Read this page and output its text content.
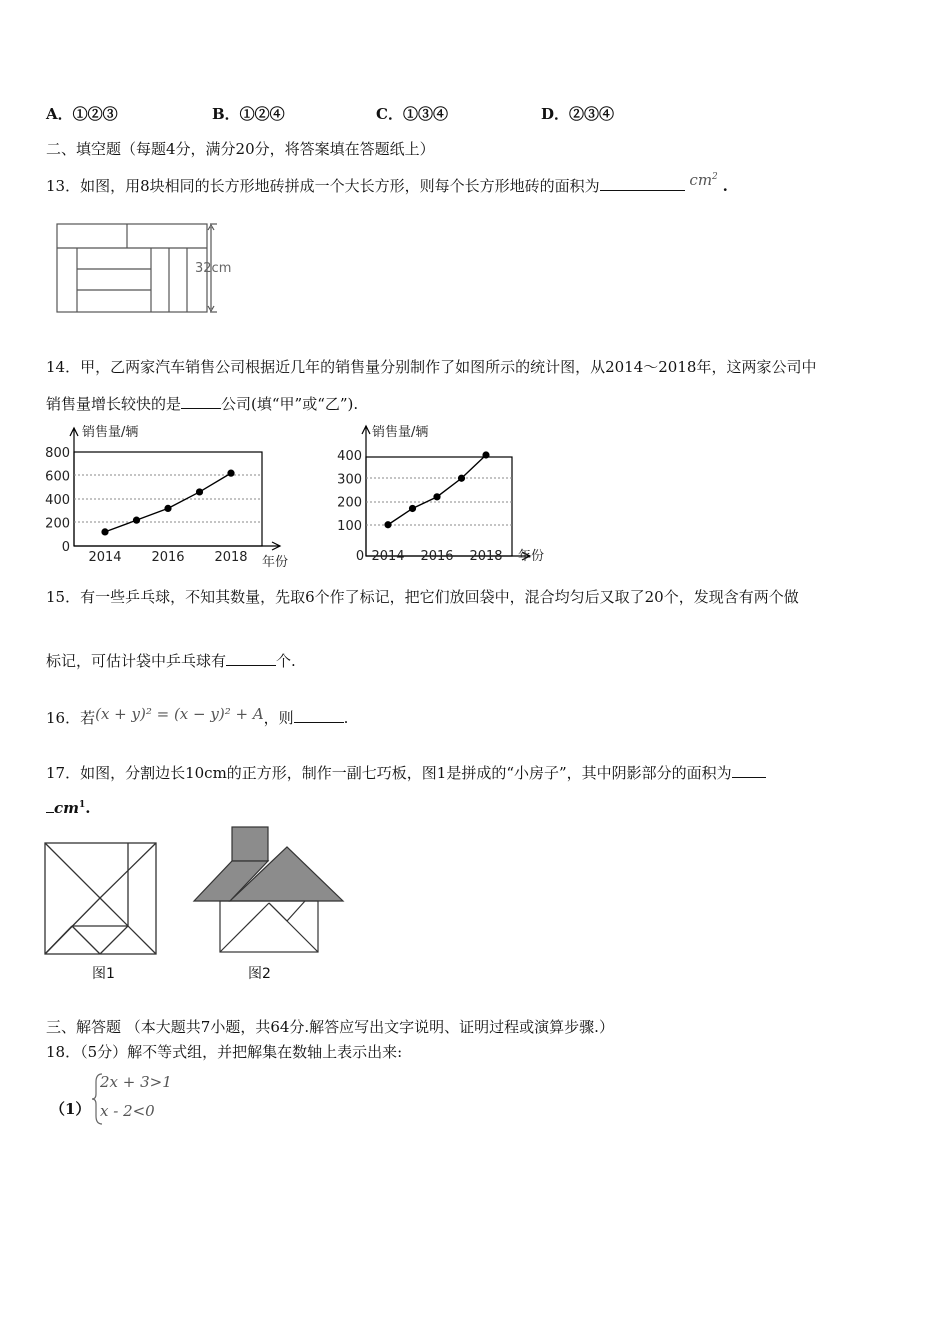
A．①②③	B．①②④	C．①③④	D．②③④
二、填空题（每题4分，满分20分，将答案填在答题纸上）
13．如图，用8块相同的长方形地砖拼成一个大长方形，则每个长方形地砖的面积为	$cm^2$ .
32cm
14．甲，乙两家汽车销售公司根据近几年的销售量分别制作了如图所示的统计图，从2014～2018年，这两家公司中
销售量增长较快的是	公司(填“甲”或“乙”).
销售量/辆
年份
0
200
400
600
800
2014 2016 2018
销售量/辆
年份
100
200
300
400
0 2014 2016 2018
15．有一些乒乓球，不知其数量，先取6个作了标记，把它们放回袋中，混合均匀后又取了20个，发现含有两个做
标记，可估计袋中乒乓球有	个.
16．若(x + y)² = (x − y)² + A，则	.
17．如图，分割边长10cm的正方形，制作一副七巧板，图1是拼成的“小房子”，其中阴影部分的面积为
$cm^1$.
图1	图2
三、解答题 （本大题共7小题，共64分.解答应写出文字说明、证明过程或演算步骤.）
18．（5分）解不等式组，并把解集在数轴上表示出来:
（1）
2x + 3>1
x - 2<0
